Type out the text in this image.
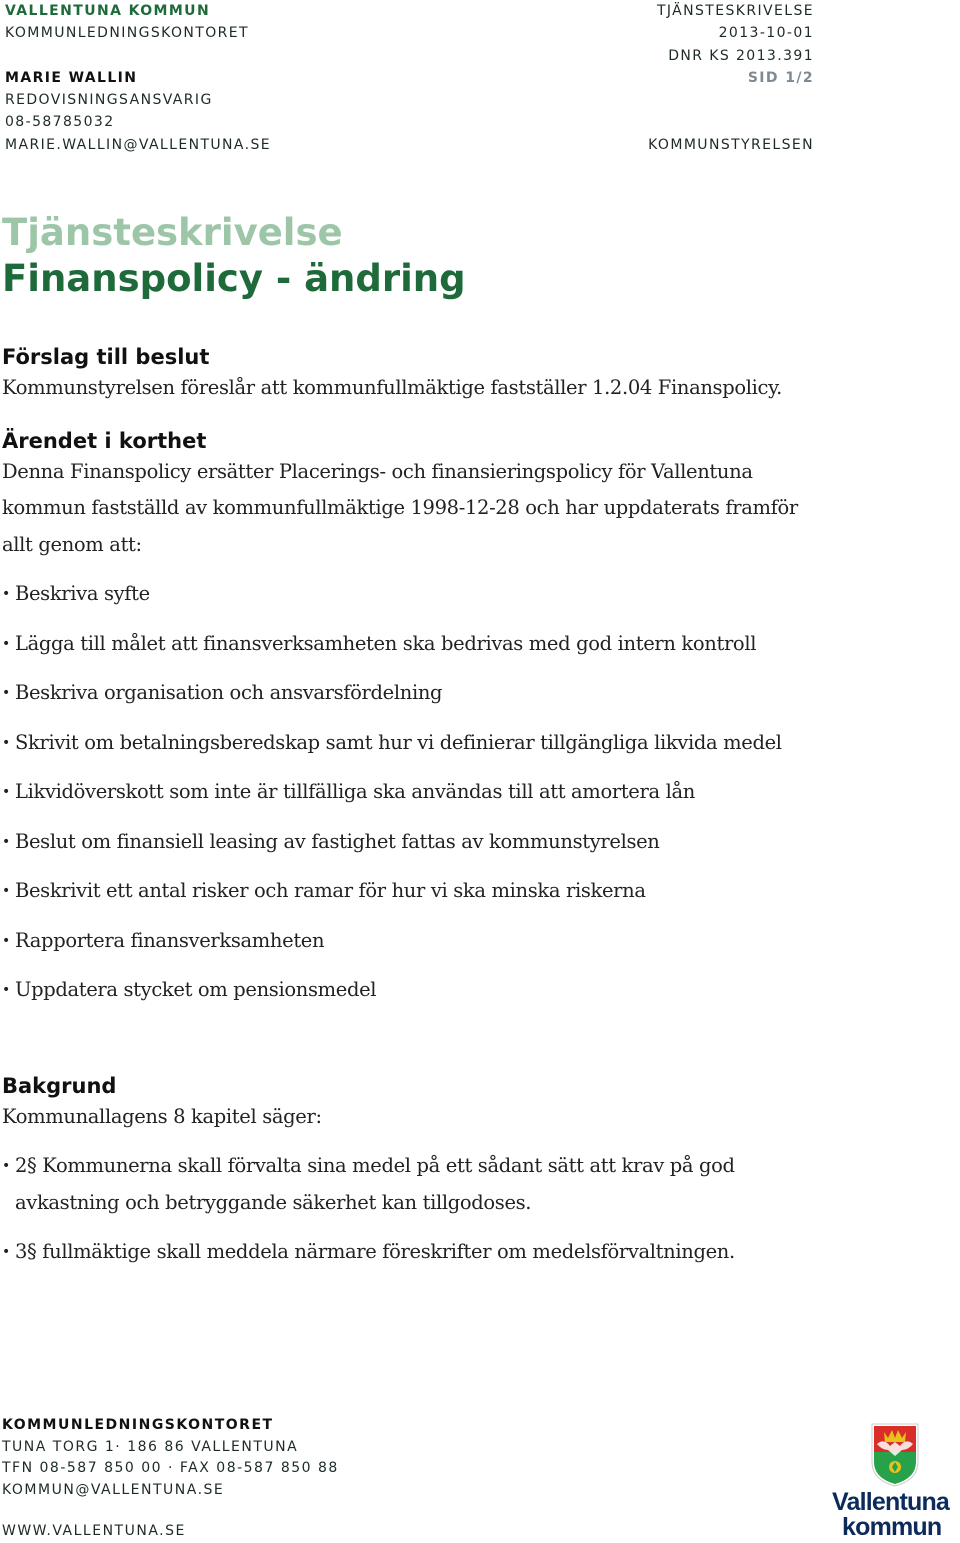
VALLENTUNA KOMMUN
KOMMUNLEDNINGSKONTORET
MARIE WALLIN
REDOVISNINGSANSVARIG
08-58785032
MARIE.WALLIN@VALLENTUNA.SE
TJÄNSTESKRIVELSE
2013-10-01
DNR KS 2013.391
SID 1/2
KOMMUNSTYRELSEN
Tjänsteskrivelse
Finanspolicy - ändring
Förslag till beslut

Kommunstyrelsen föreslår att kommunfullmäktige fastställer 1.2.04 Finanspolicy.

Ärendet i korthet

Denna Finanspolicy ersätter Placerings- och finansieringspolicy för Vallentuna

kommun fastställd av kommunfullmäktige 1998-12-28 och har uppdaterats framför

allt genom att:

• Beskriva syfte
• Lägga till målet att finansverksamheten ska bedrivas med god intern kontroll
• Beskriva organisation och ansvarsfördelning
• Skrivit om betalningsberedskap samt hur vi definierar tillgängliga likvida medel
• Likvidöverskott som inte är tillfälliga ska användas till att amortera lån
• Beslut om finansiell leasing av fastighet fattas av kommunstyrelsen
• Beskrivit ett antal risker och ramar för hur vi ska minska riskerna
• Rapportera finansverksamheten
• Uppdatera stycket om pensionsmedel
Bakgrund

Kommunallagens 8 kapitel säger:

• 2§ Kommunerna skall förvalta sina medel på ett sådant sätt att krav på god
avkastning och betryggande säkerhet kan tillgodoses.
• 3§ fullmäktige skall meddela närmare föreskrifter om medelsförvaltningen.
KOMMUNLEDNINGSKONTORET
TUNA TORG 1· 186 86 VALLENTUNA
TFN 08-587 850 00 · FAX 08-587 850 88
KOMMUN@VALLENTUNA.SE
WWW.VALLENTUNA.SE
Vallentuna
kommun
